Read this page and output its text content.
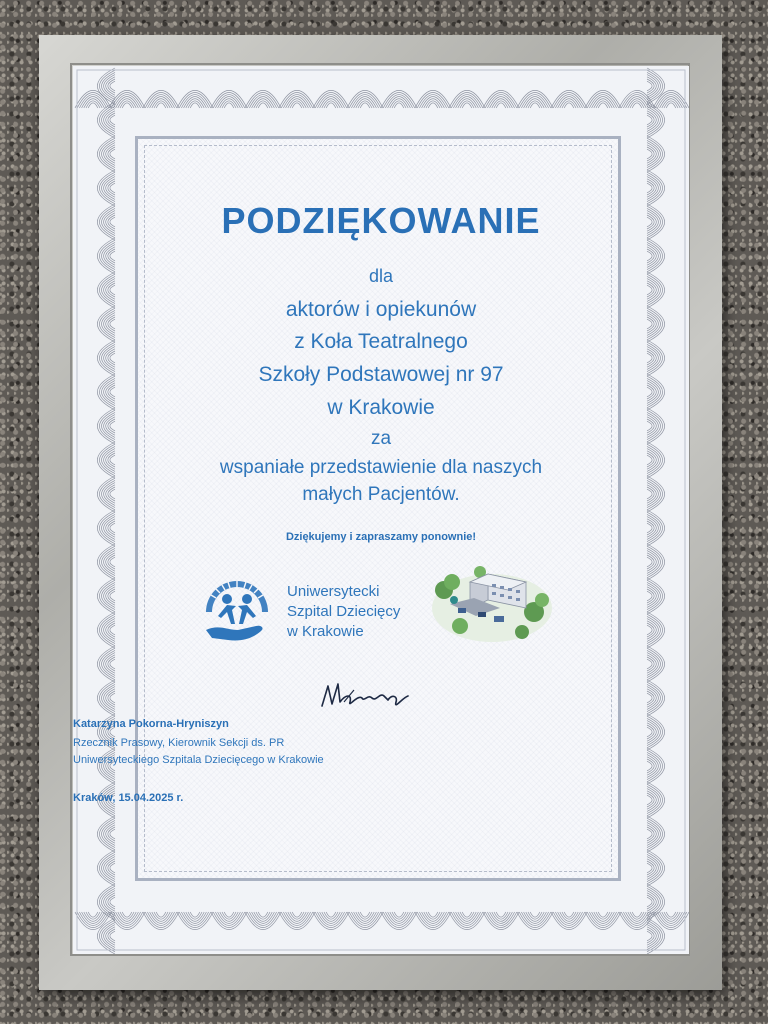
PODZIĘKOWANIE
dla
aktorów i opiekunów
z Koła Teatralnego
Szkoły Podstawowej nr 97
w Krakowie
za
wspaniałe przedstawienie dla naszych
małych Pacjentów.
Dziękujemy i zapraszamy ponownie!
Uniwersytecki
Szpital Dziecięcy
w Krakowie
Katarzyna Pokorna-Hryniszyn
Rzecznik Prasowy, Kierownik Sekcji ds. PR
Uniwersyteckiego Szpitala Dziecięcego w Krakowie
Kraków, 15.04.2025 r.
